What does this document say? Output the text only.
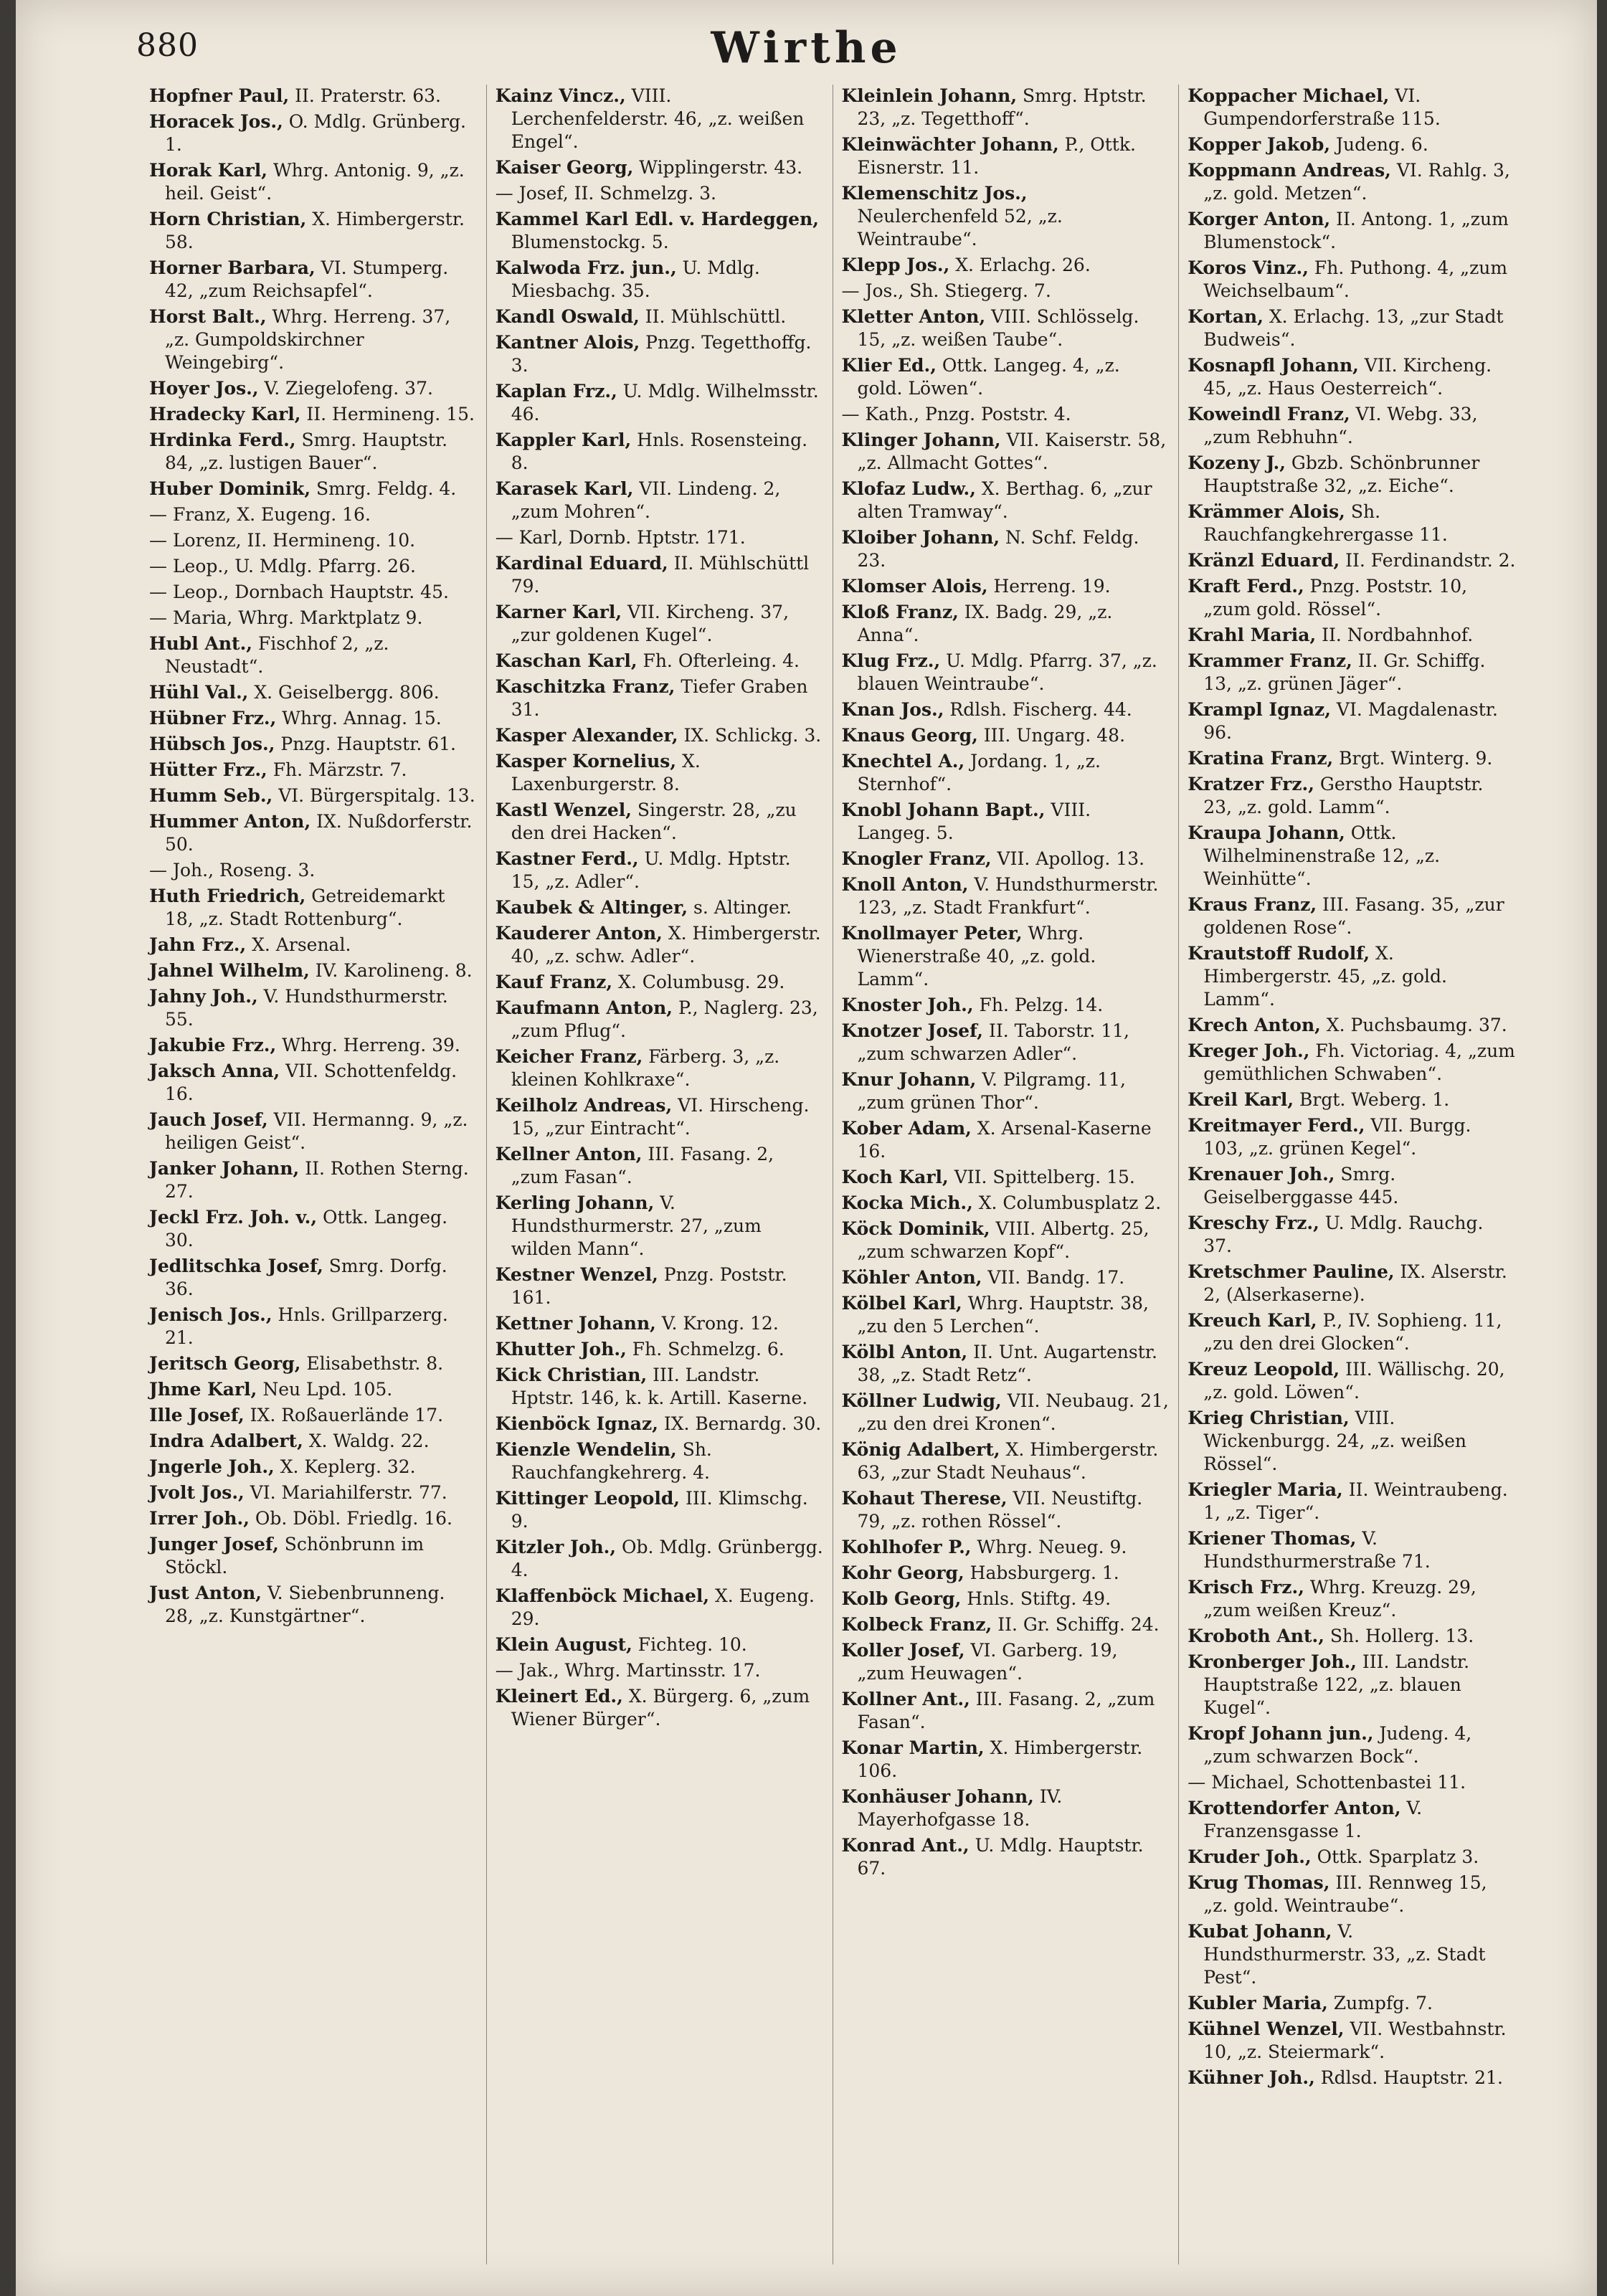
880	Wirthe

Hopfner Paul, II. Praterstr. 63.

Horacek Jos., O. Mdlg. Grünberg. 1.

Horak Karl, Whrg. Antonig. 9, „z. heil. Geist“.

Horn Christian, X. Himbergerstr. 58.

Horner Barbara, VI. Stumperg. 42, „zum Reichsapfel“.

Horst Balt., Whrg. Herreng. 37, „z. Gumpoldskirchner Weingebirg“.

Hoyer Jos., V. Ziegelofeng. 37.

Hradecky Karl, II. Hermineng. 15.

Hrdinka Ferd., Smrg. Hauptstr. 84, „z. lustigen Bauer“.

Huber Dominik, Smrg. Feldg. 4.

— Franz, X. Eugeng. 16.

— Lorenz, II. Hermineng. 10.

— Leop., U. Mdlg. Pfarrg. 26.

— Leop., Dornbach Hauptstr. 45.

— Maria, Whrg. Marktplatz 9.

Hubl Ant., Fischhof 2, „z. Neustadt“.

Hühl Val., X. Geiselbergg. 806.

Hübner Frz., Whrg. Annag. 15.

Hübsch Jos., Pnzg. Hauptstr. 61.

Hütter Frz., Fh. Märzstr. 7.

Humm Seb., VI. Bürgerspitalg. 13.

Hummer Anton, IX. Nußdorferstr. 50.

— Joh., Roseng. 3.

Huth Friedrich, Getreidemarkt 18, „z. Stadt Rottenburg“.

Jahn Frz., X. Arsenal.

Jahnel Wilhelm, IV. Karolineng. 8.

Jahny Joh., V. Hundsthurmerstr. 55.

Jakubie Frz., Whrg. Herreng. 39.

Jaksch Anna, VII. Schottenfeldg. 16.

Jauch Josef, VII. Hermanng. 9, „z. heiligen Geist“.

Janker Johann, II. Rothen Sterng. 27.

Jeckl Frz. Joh. v., Ottk. Langeg. 30.

Jedlitschka Josef, Smrg. Dorfg. 36.

Jenisch Jos., Hnls. Grillparzerg. 21.

Jeritsch Georg, Elisabethstr. 8.

Jhme Karl, Neu Lpd. 105.

Ille Josef, IX. Roßauerlände 17.

Indra Adalbert, X. Waldg. 22.

Jngerle Joh., X. Keplerg. 32.

Jvolt Jos., VI. Mariahilferstr. 77.

Irrer Joh., Ob. Döbl. Friedlg. 16.

Junger Josef, Schönbrunn im Stöckl.

Just Anton, V. Siebenbrunneng. 28, „z. Kunstgärtner“.

Kainz Vincz., VIII. Lerchenfelderstr. 46, „z. weißen Engel“.

Kaiser Georg, Wipplingerstr. 43.

— Josef, II. Schmelzg. 3.

Kammel Karl Edl. v. Hardeggen, Blumenstockg. 5.

Kalwoda Frz. jun., U. Mdlg. Miesbachg. 35.

Kandl Oswald, II. Mühlschüttl.

Kantner Alois, Pnzg. Tegetthoffg. 3.

Kaplan Frz., U. Mdlg. Wilhelmsstr. 46.

Kappler Karl, Hnls. Rosensteing. 8.

Karasek Karl, VII. Lindeng. 2, „zum Mohren“.

— Karl, Dornb. Hptstr. 171.

Kardinal Eduard, II. Mühlschüttl 79.

Karner Karl, VII. Kircheng. 37, „zur goldenen Kugel“.

Kaschan Karl, Fh. Ofterleing. 4.

Kaschitzka Franz, Tiefer Graben 31.

Kasper Alexander, IX. Schlickg. 3.

Kasper Kornelius, X. Laxenburgerstr. 8.

Kastl Wenzel, Singerstr. 28, „zu den drei Hacken“.

Kastner Ferd., U. Mdlg. Hptstr. 15, „z. Adler“.

Kaubek & Altinger, s. Altinger.

Kauderer Anton, X. Himbergerstr. 40, „z. schw. Adler“.

Kauf Franz, X. Columbusg. 29.

Kaufmann Anton, P., Naglerg. 23, „zum Pflug“.

Keicher Franz, Färberg. 3, „z. kleinen Kohlkraxe“.

Keilholz Andreas, VI. Hirscheng. 15, „zur Eintracht“.

Kellner Anton, III. Fasang. 2, „zum Fasan“.

Kerling Johann, V. Hundsthurmerstr. 27, „zum wilden Mann“.

Kestner Wenzel, Pnzg. Poststr. 161.

Kettner Johann, V. Krong. 12.

Khutter Joh., Fh. Schmelzg. 6.

Kick Christian, III. Landstr. Hptstr. 146, k. k. Artill. Kaserne.

Kienböck Ignaz, IX. Bernardg. 30.

Kienzle Wendelin, Sh. Rauchfangkehrerg. 4.

Kittinger Leopold, III. Klimschg. 9.

Kitzler Joh., Ob. Mdlg. Grünbergg. 4.

Klaffenböck Michael, X. Eugeng. 29.

Klein August, Fichteg. 10.

— Jak., Whrg. Martinsstr. 17.

Kleinert Ed., X. Bürgerg. 6, „zum Wiener Bürger“.

Kleinlein Johann, Smrg. Hptstr. 23, „z. Tegetthoff“.

Kleinwächter Johann, P., Ottk. Eisnerstr. 11.

Klemenschitz Jos., Neulerchenfeld 52, „z. Weintraube“.

Klepp Jos., X. Erlachg. 26.

— Jos., Sh. Stiegerg. 7.

Kletter Anton, VIII. Schlösselg. 15, „z. weißen Taube“.

Klier Ed., Ottk. Langeg. 4, „z. gold. Löwen“.

— Kath., Pnzg. Poststr. 4.

Klinger Johann, VII. Kaiserstr. 58, „z. Allmacht Gottes“.

Klofaz Ludw., X. Berthag. 6, „zur alten Tramway“.

Kloiber Johann, N. Schf. Feldg. 23.

Klomser Alois, Herreng. 19.

Kloß Franz, IX. Badg. 29, „z. Anna“.

Klug Frz., U. Mdlg. Pfarrg. 37, „z. blauen Weintraube“.

Knan Jos., Rdlsh. Fischerg. 44.

Knaus Georg, III. Ungarg. 48.

Knechtel A., Jordang. 1, „z. Sternhof“.

Knobl Johann Bapt., VIII. Langeg. 5.

Knogler Franz, VII. Apollog. 13.

Knoll Anton, V. Hundsthurmerstr. 123, „z. Stadt Frankfurt“.

Knollmayer Peter, Whrg. Wienerstraße 40, „z. gold. Lamm“.

Knoster Joh., Fh. Pelzg. 14.

Knotzer Josef, II. Taborstr. 11, „zum schwarzen Adler“.

Knur Johann, V. Pilgramg. 11, „zum grünen Thor“.

Kober Adam, X. Arsenal-Kaserne 16.

Koch Karl, VII. Spittelberg. 15.

Kocka Mich., X. Columbusplatz 2.

Köck Dominik, VIII. Albertg. 25, „zum schwarzen Kopf“.

Köhler Anton, VII. Bandg. 17.

Kölbel Karl, Whrg. Hauptstr. 38, „zu den 5 Lerchen“.

Kölbl Anton, II. Unt. Augartenstr. 38, „z. Stadt Retz“.

Köllner Ludwig, VII. Neubaug. 21, „zu den drei Kronen“.

König Adalbert, X. Himbergerstr. 63, „zur Stadt Neuhaus“.

Kohaut Therese, VII. Neustiftg. 79, „z. rothen Rössel“.

Kohlhofer P., Whrg. Neueg. 9.

Kohr Georg, Habsburgerg. 1.

Kolb Georg, Hnls. Stiftg. 49.

Kolbeck Franz, II. Gr. Schiffg. 24.

Koller Josef, VI. Garberg. 19, „zum Heuwagen“.

Kollner Ant., III. Fasang. 2, „zum Fasan“.

Konar Martin, X. Himbergerstr. 106.

Konhäuser Johann, IV. Mayerhofgasse 18.

Konrad Ant., U. Mdlg. Hauptstr. 67.

Koppacher Michael, VI. Gumpendorferstraße 115.

Kopper Jakob, Judeng. 6.

Koppmann Andreas, VI. Rahlg. 3, „z. gold. Metzen“.

Korger Anton, II. Antong. 1, „zum Blumenstock“.

Koros Vinz., Fh. Puthong. 4, „zum Weichselbaum“.

Kortan, X. Erlachg. 13, „zur Stadt Budweis“.

Kosnapfl Johann, VII. Kircheng. 45, „z. Haus Oesterreich“.

Koweindl Franz, VI. Webg. 33, „zum Rebhuhn“.

Kozeny J., Gbzb. Schönbrunner Hauptstraße 32, „z. Eiche“.

Krämmer Alois, Sh. Rauchfangkehrergasse 11.

Kränzl Eduard, II. Ferdinandstr. 2.

Kraft Ferd., Pnzg. Poststr. 10, „zum gold. Rössel“.

Krahl Maria, II. Nordbahnhof.

Krammer Franz, II. Gr. Schiffg. 13, „z. grünen Jäger“.

Krampl Ignaz, VI. Magdalenastr. 96.

Kratina Franz, Brgt. Winterg. 9.

Kratzer Frz., Gerstho Hauptstr. 23, „z. gold. Lamm“.

Kraupa Johann, Ottk. Wilhelminenstraße 12, „z. Weinhütte“.

Kraus Franz, III. Fasang. 35, „zur goldenen Rose“.

Krautstoff Rudolf, X. Himbergerstr. 45, „z. gold. Lamm“.

Krech Anton, X. Puchsbaumg. 37.

Kreger Joh., Fh. Victoriag. 4, „zum gemüthlichen Schwaben“.

Kreil Karl, Brgt. Weberg. 1.

Kreitmayer Ferd., VII. Burgg. 103, „z. grünen Kegel“.

Krenauer Joh., Smrg. Geiselberggasse 445.

Kreschy Frz., U. Mdlg. Rauchg. 37.

Kretschmer Pauline, IX. Alserstr. 2, (Alserkaserne).

Kreuch Karl, P., IV. Sophieng. 11, „zu den drei Glocken“.

Kreuz Leopold, III. Wällischg. 20, „z. gold. Löwen“.

Krieg Christian, VIII. Wickenburgg. 24, „z. weißen Rössel“.

Kriegler Maria, II. Weintraubeng. 1, „z. Tiger“.

Kriener Thomas, V. Hundsthurmerstraße 71.

Krisch Frz., Whrg. Kreuzg. 29, „zum weißen Kreuz“.

Kroboth Ant., Sh. Hollerg. 13.

Kronberger Joh., III. Landstr. Hauptstraße 122, „z. blauen Kugel“.

Kropf Johann jun., Judeng. 4, „zum schwarzen Bock“.

— Michael, Schottenbastei 11.

Krottendorfer Anton, V. Franzensgasse 1.

Kruder Joh., Ottk. Sparplatz 3.

Krug Thomas, III. Rennweg 15, „z. gold. Weintraube“.

Kubat Johann, V. Hundsthurmerstr. 33, „z. Stadt Pest“.

Kubler Maria, Zumpfg. 7.

Kühnel Wenzel, VII. Westbahnstr. 10, „z. Steiermark“.

Kühner Joh., Rdlsd. Hauptstr. 21.
